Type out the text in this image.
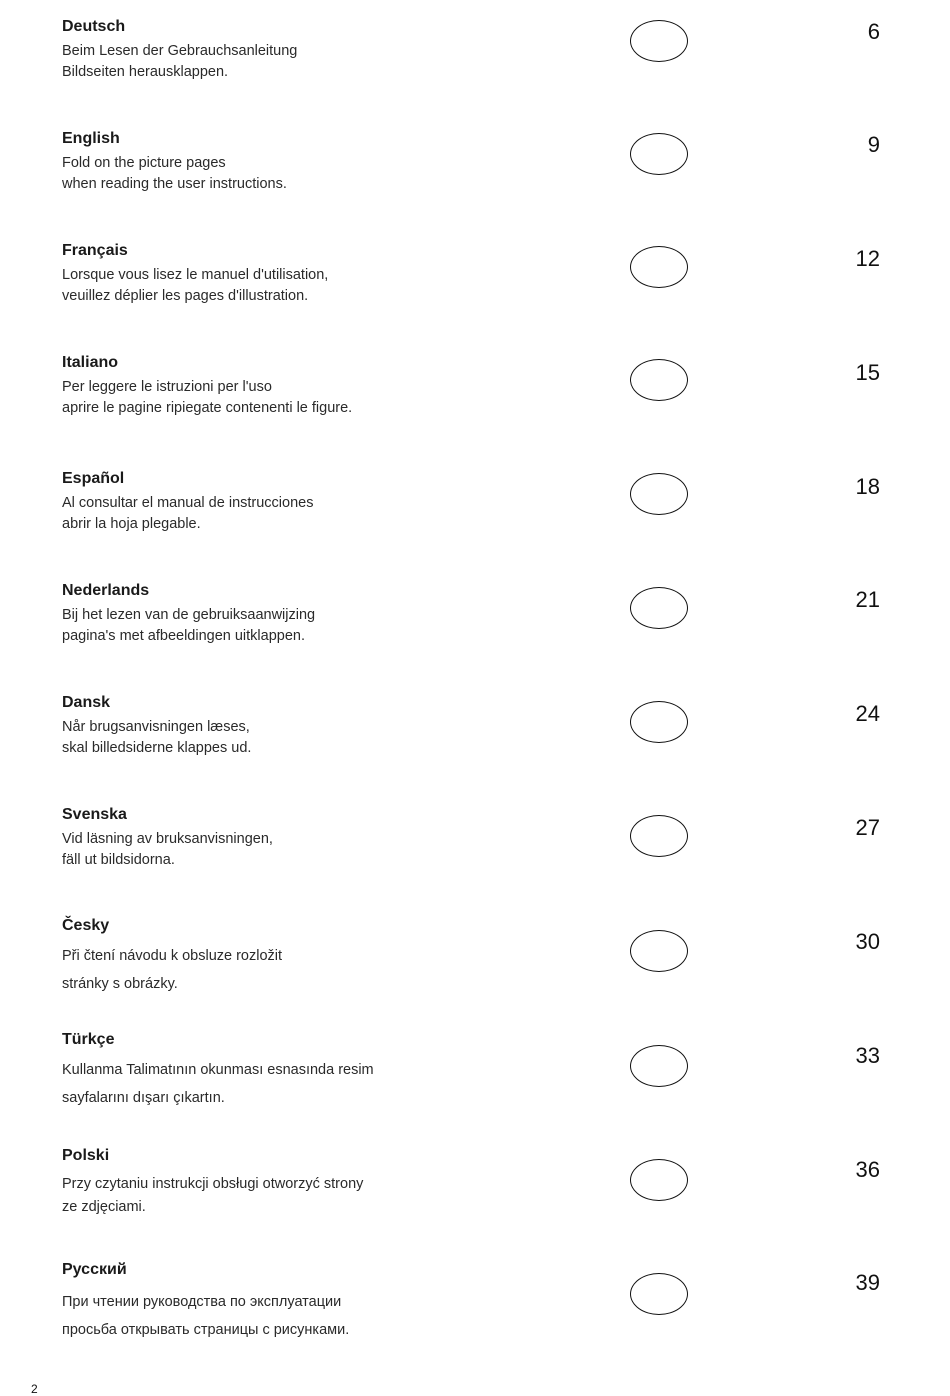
Deutsch
Beim Lesen der Gebrauchsanleitung
Bildseiten herausklappen.
6
English
Fold on the picture pages
when reading the user instructions.
9
Français
Lorsque vous lisez le manuel d'utilisation,
veuillez déplier les pages d'illustration.
12
Italiano
Per leggere le istruzioni per l'uso
aprire le pagine ripiegate contenenti le figure.
15
Español
Al consultar el manual de instrucciones
abrir la hoja plegable.
18
Nederlands
Bij het lezen van de gebruiksaanwijzing
pagina's met afbeeldingen uitklappen.
21
Dansk
Når brugsanvisningen læses,
skal billedsiderne klappes ud.
24
Svenska
Vid läsning av bruksanvisningen,
fäll ut bildsidorna.
27
Česky
Při čtení návodu k obsluze rozložit
stránky s obrázky.
30
Türkçe
Kullanma Talimatının okunması esnasında resim
sayfalarını dışarı çıkartın.
33
Polski
Przy czytaniu instrukcji obsługi otworzyć strony
ze zdjęciami.
36
Русский
При чтении руководства по эксплуатации
просьба открывать страницы с рисунками.
39
2
